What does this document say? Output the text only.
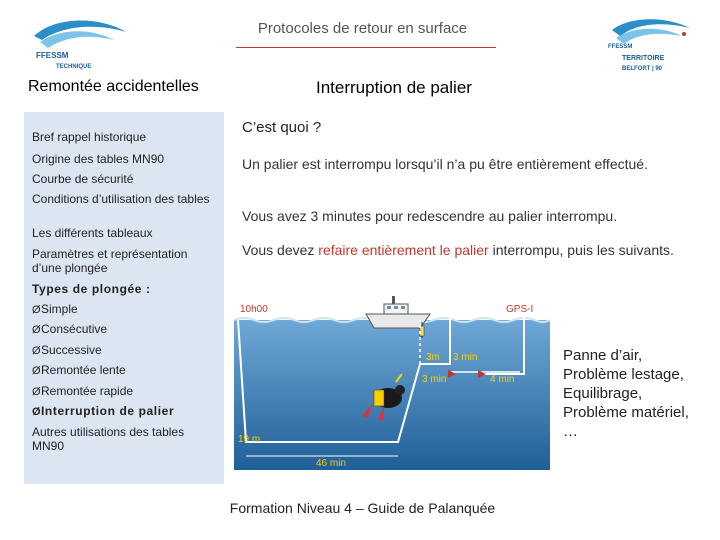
FFESSM
TECHNIQUE
FFESSM
TERRITOIRE
BELFORT | 90
Protocoles de retour en surface
Remontée accidentelles	Interruption de palier
Bref rappel historique
Origine des tables MN90
Courbe de sécurité
Conditions d’utilisation des tables
Les différents tableaux
Paramètres et représentation d’une plongée
Types de plongée :
ØSimple
ØConsécutive
ØSuccessive
ØRemontée lente
ØRemontée rapide
ØInterruption de palier
Autres utilisations des tables MN90
C’est quoi ?

Un palier est interrompu lorsqu’il n’a pu être entièrement effectué.

Vous avez 3 minutes pour redescendre au palier interrompu.

Vous devez refaire entièrement le palier interrompu, puis les suivants.

10h00	GPS-I
19 m
46 min
3m 3 min
3 min	4 min
Panne d’air,
Problème lestage,
Equilibrage,
Problème matériel,
…
Formation Niveau 4 – Guide de Palanquée
